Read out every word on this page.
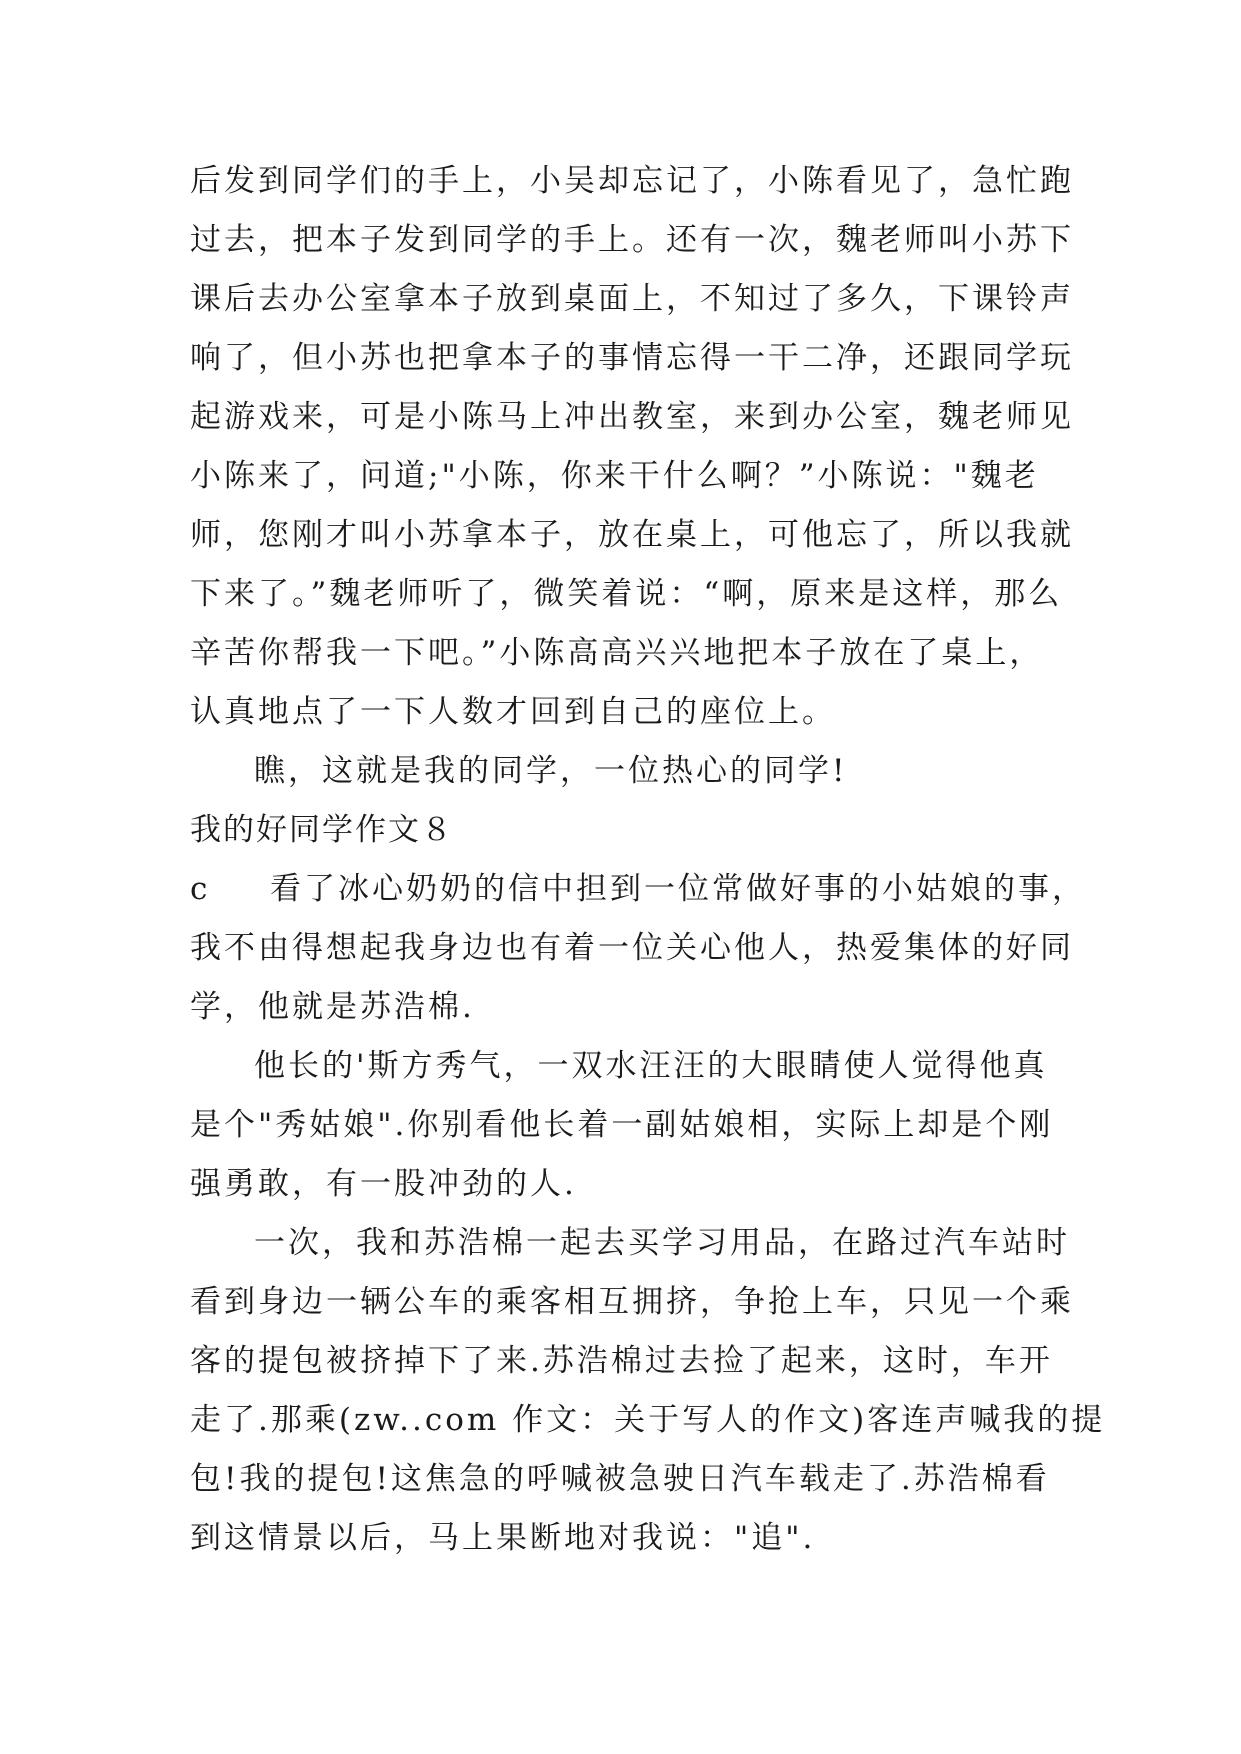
后发到同学们的手上，小吴却忘记了，小陈看见了，急忙跑
过去，把本子发到同学的手上。还有一次，魏老师叫小苏下
课后去办公室拿本子放到桌面上，不知过了多久，下课铃声
响了，但小苏也把拿本子的事情忘得一干二净，还跟同学玩
起游戏来，可是小陈马上冲出教室，来到办公室，魏老师见
小陈来了，问道;"小陈，你来干什么啊？”小陈说："魏老
师，您刚才叫小苏拿本子，放在桌上，可他忘了，所以我就
下来了。”魏老师听了，微笑着说：“啊，原来是这样，那么
辛苦你帮我一下吧。”小陈高高兴兴地把本子放在了桌上，
认真地点了一下人数才回到自己的座位上。
瞧，这就是我的同学，一位热心的同学!
我的好同学作文８
c 看了冰心奶奶的信中担到一位常做好事的小姑娘的事，
我不由得想起我身边也有着一位关心他人，热爱集体的好同
学，他就是苏浩棉.
他长的'斯方秀气，一双水汪汪的大眼睛使人觉得他真
是个"秀姑娘".你别看他长着一副姑娘相，实际上却是个刚
强勇敢，有一股冲劲的人.
一次，我和苏浩棉一起去买学习用品，在路过汽车站时
看到身边一辆公车的乘客相互拥挤，争抢上车，只见一个乘
客的提包被挤掉下了来.苏浩棉过去捡了起来，这时，车开
走了.那乘(zw..com 作文：关于写人的作文)客连声喊我的提
包!我的提包!这焦急的呼喊被急驶日汽车载走了.苏浩棉看
到这情景以后，马上果断地对我说："追".
